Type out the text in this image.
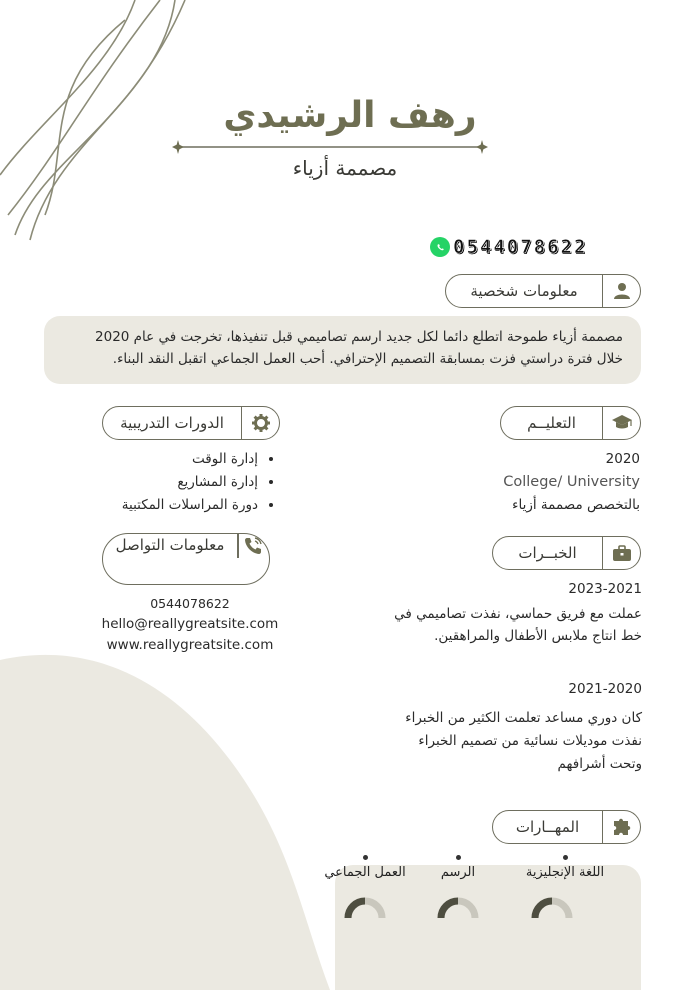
رهف الرشيدي
مصممة أزياء
0544078622
معلومات شخصية
مصممة أزياء طموحة اتطلع دائما لكل جديد ارسم تصاميمي قبل تنفيذها، تخرجت في عام 2020
خلال فترة دراستي فزت بمسابقة التصميم الإحترافي. أحب العمل الجماعي اتقبل النقد البناء.
التعليــم
2020
College/ University
بالتخصص مصممة أزياء
الدورات التدريبية
• إدارة الوقت
• إدارة المشاريع
• دورة المراسلات المكتبية
معلومات التواصل
0544078622
hello@reallygreatsite.com
www.reallygreatsite.com
الخبــرات
2023-2021
عملت مع فريق حماسي، نفذت تصاميمي في
خط انتاج ملابس الأطفال والمراهقين.
2021-2020
كان دوري مساعد تعلمت الكثير من الخبراء
نفذت موديلات نسائية من تصميم الخبراء
وتحت أشرافهم
المهــارات
اللغة الإنجليزية
الرسم
العمل الجماعي
